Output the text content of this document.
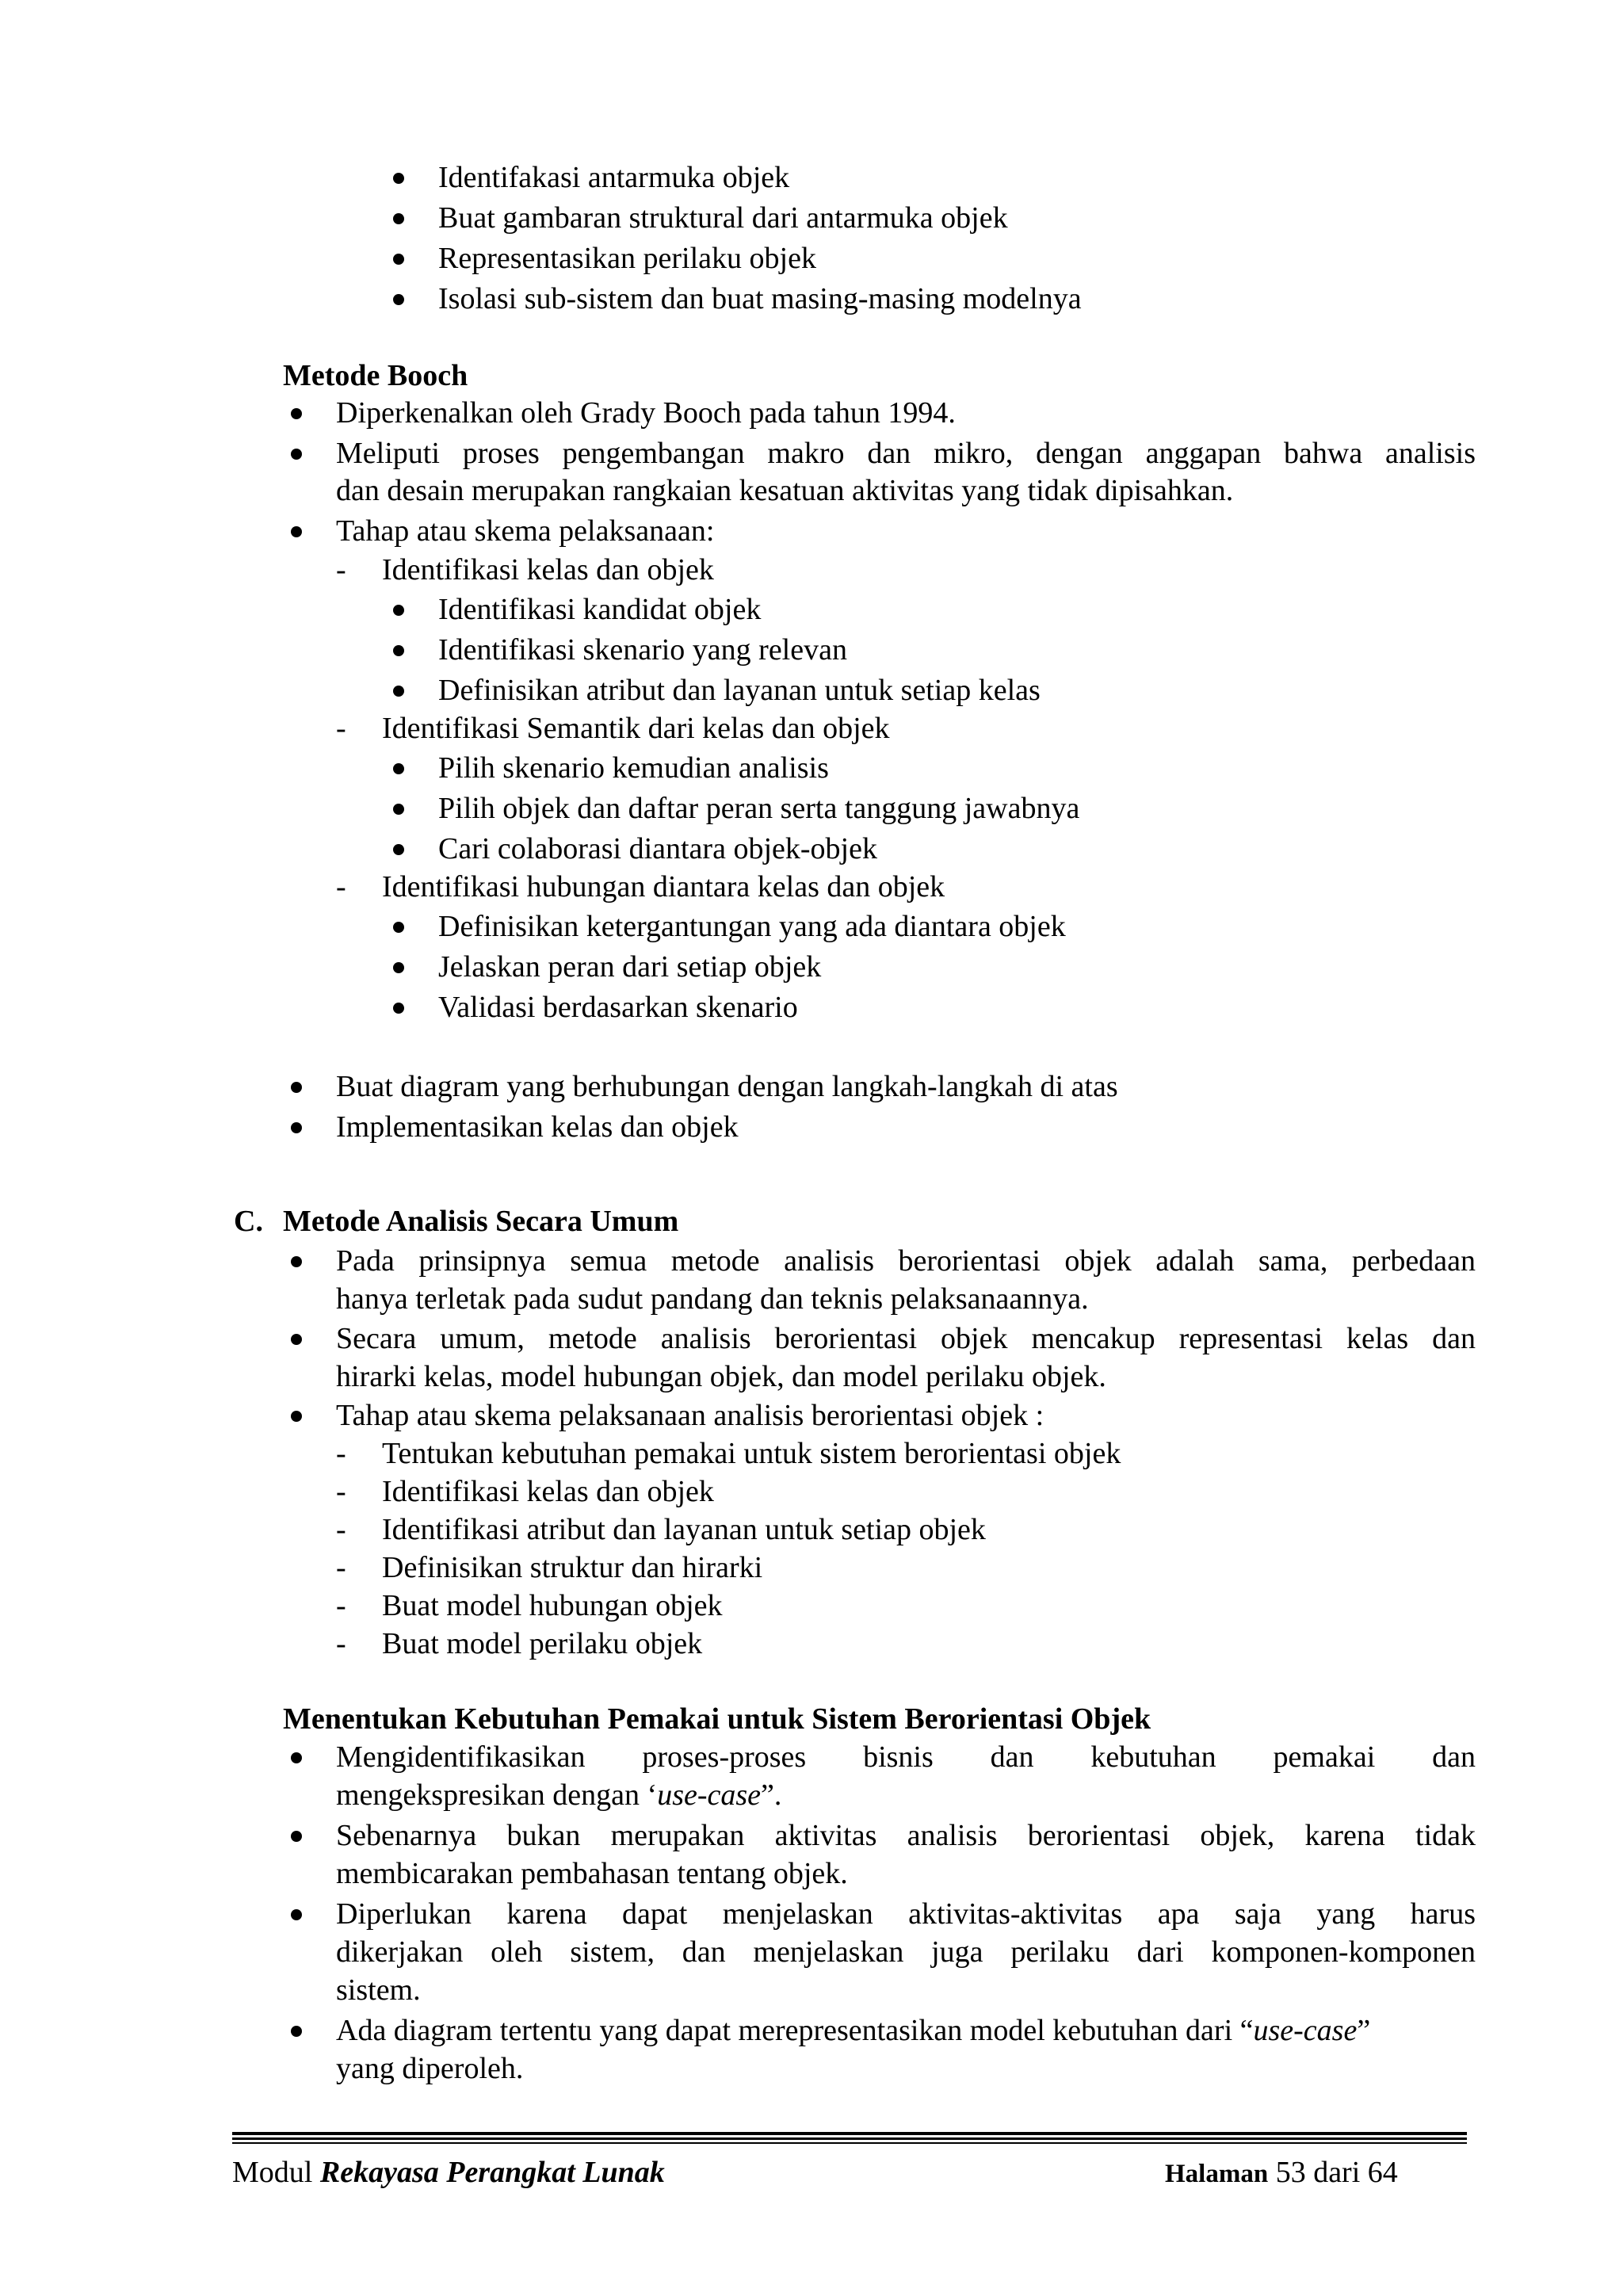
Identifakasi antarmuka objek
Buat gambaran struktural dari antarmuka objek
Representasikan perilaku objek
Isolasi sub-sistem dan buat masing-masing modelnya
Metode Booch
Diperkenalkan oleh Grady Booch pada tahun 1994.
Meliputi proses pengembangan makro dan mikro, dengan anggapan bahwa analisis
dan desain merupakan rangkaian kesatuan aktivitas yang tidak dipisahkan.
Tahap atau skema pelaksanaan:
- Identifikasi kelas dan objek
Identifikasi kandidat objek
Identifikasi skenario yang relevan
Definisikan atribut dan layanan untuk setiap kelas
- Identifikasi Semantik dari kelas dan objek
Pilih skenario kemudian analisis
Pilih objek dan daftar peran serta tanggung jawabnya
Cari colaborasi diantara objek-objek
- Identifikasi hubungan diantara kelas dan objek
Definisikan ketergantungan yang ada diantara objek
Jelaskan peran dari setiap objek
Validasi berdasarkan skenario
Buat diagram yang berhubungan dengan langkah-langkah di atas
Implementasikan kelas dan objek
C. Metode Analisis Secara Umum
Pada prinsipnya semua metode analisis berorientasi objek adalah sama, perbedaan
hanya terletak pada sudut pandang dan teknis pelaksanaannya.
Secara umum, metode analisis berorientasi objek mencakup representasi kelas dan
hirarki kelas, model hubungan objek, dan model perilaku objek.
Tahap atau skema pelaksanaan analisis berorientasi objek :
- Tentukan kebutuhan pemakai untuk sistem berorientasi objek
- Identifikasi kelas dan objek
- Identifikasi atribut dan layanan untuk setiap objek
- Definisikan struktur dan hirarki
- Buat model hubungan objek
- Buat model perilaku objek
Menentukan Kebutuhan Pemakai untuk Sistem Berorientasi Objek
Mengidentifikasikan proses-proses bisnis dan kebutuhan pemakai dan
mengekspresikan dengan ‘use-case”.
Sebenarnya bukan merupakan aktivitas analisis berorientasi objek, karena tidak
membicarakan pembahasan tentang objek.
Diperlukan karena dapat menjelaskan aktivitas-aktivitas apa saja yang harus
dikerjakan oleh sistem, dan menjelaskan juga perilaku dari komponen-komponen
sistem.
Ada diagram tertentu yang dapat merepresentasikan model kebutuhan dari “use-case”
yang diperoleh.
Modul Rekayasa Perangkat Lunak	Halaman 53 dari 64
